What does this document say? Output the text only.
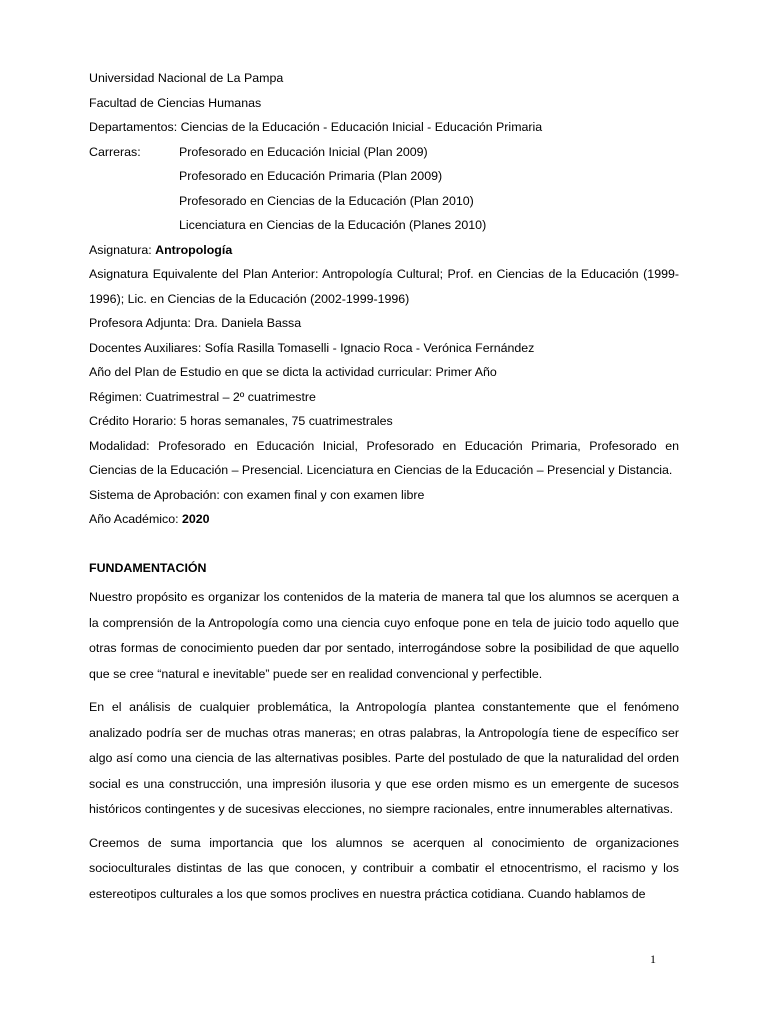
Universidad Nacional de La Pampa
Facultad de Ciencias Humanas
Departamentos: Ciencias de la Educación - Educación Inicial - Educación Primaria
Carreras:	Profesorado en Educación Inicial (Plan 2009)
Profesorado en Educación Primaria (Plan 2009)
Profesorado en Ciencias de la Educación (Plan 2010)
Licenciatura en Ciencias de la Educación (Planes 2010)
Asignatura: Antropología
Asignatura Equivalente del Plan Anterior: Antropología Cultural; Prof. en Ciencias de la Educación (1999-1996); Lic. en Ciencias de la Educación (2002-1999-1996)
Profesora Adjunta: Dra. Daniela Bassa
Docentes Auxiliares: Sofía Rasilla Tomaselli - Ignacio Roca - Verónica Fernández
Año del Plan de Estudio en que se dicta la actividad curricular: Primer Año
Régimen: Cuatrimestral – 2º cuatrimestre
Crédito Horario: 5 horas semanales, 75 cuatrimestrales
Modalidad: Profesorado en Educación Inicial, Profesorado en Educación Primaria, Profesorado en Ciencias de la Educación – Presencial. Licenciatura en Ciencias de la Educación – Presencial y Distancia.
Sistema de Aprobación: con examen final y con examen libre
Año Académico: 2020
FUNDAMENTACIÓN

Nuestro propósito es organizar los contenidos de la materia de manera tal que los alumnos se acerquen a la comprensión de la Antropología como una ciencia cuyo enfoque pone en tela de juicio todo aquello que otras formas de conocimiento pueden dar por sentado, interrogándose sobre la posibilidad de que aquello que se cree “natural e inevitable” puede ser en realidad convencional y perfectible.

En el análisis de cualquier problemática, la Antropología plantea constantemente que el fenómeno analizado podría ser de muchas otras maneras; en otras palabras, la Antropología tiene de específico ser algo así como una ciencia de las alternativas posibles. Parte del postulado de que la naturalidad del orden social es una construcción, una impresión ilusoria y que ese orden mismo es un emergente de sucesos históricos contingentes y de sucesivas elecciones, no siempre racionales, entre innumerables alternativas.

Creemos de suma importancia que los alumnos se acerquen al conocimiento de organizaciones socioculturales distintas de las que conocen, y contribuir a combatir el etnocentrismo, el racismo y los estereotipos culturales a los que somos proclives en nuestra práctica cotidiana. Cuando hablamos de

1
